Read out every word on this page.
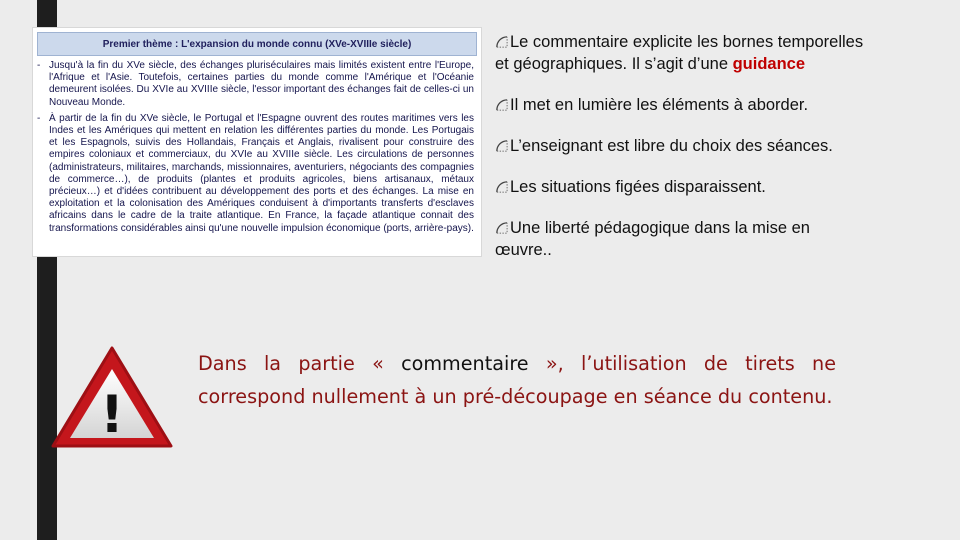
Premier thème : L'expansion du monde connu (XVe-XVIIIe siècle)
- Jusqu'à la fin du XVe siècle, des échanges pluriséculaires mais limités existent entre l'Europe, l'Afrique et l'Asie. Toutefois, certaines parties du monde comme l'Amérique et l'Océanie demeurent isolées. Du XVIe au XVIIIe siècle, l'essor important des échanges fait de celles-ci un Nouveau Monde.
- À partir de la fin du XVe siècle, le Portugal et l'Espagne ouvrent des routes maritimes vers les Indes et les Amériques qui mettent en relation les différentes parties du monde. Les Portugais et les Espagnols, suivis des Hollandais, Français et Anglais, rivalisent pour construire des empires coloniaux et commerciaux, du XVIe au XVIIIe siècle. Les circulations de personnes (administrateurs, militaires, marchands, missionnaires, aventuriers, négociants des compagnies de commerce…), de produits (plantes et produits agricoles, biens artisanaux, métaux précieux…) et d'idées contribuent au développement des ports et des échanges. La mise en exploitation et la colonisation des Amériques conduisent à d'importants transferts d'esclaves africains dans le cadre de la traite atlantique. En France, la façade atlantique connait des transformations considérables ainsi qu'une nouvelle impulsion économique (ports, arrière-pays).
Le commentaire explicite les bornes temporelles et géographiques. Il s’agit d’une guidance
Il met en lumière les éléments à aborder.
L’enseignant est libre du choix des séances.
Les situations figées disparaissent.
Une liberté pédagogique dans la mise en œuvre..
!
Dans la partie « commentaire », l’utilisation de tirets ne correspond nullement à un pré-découpage en séance du contenu.
